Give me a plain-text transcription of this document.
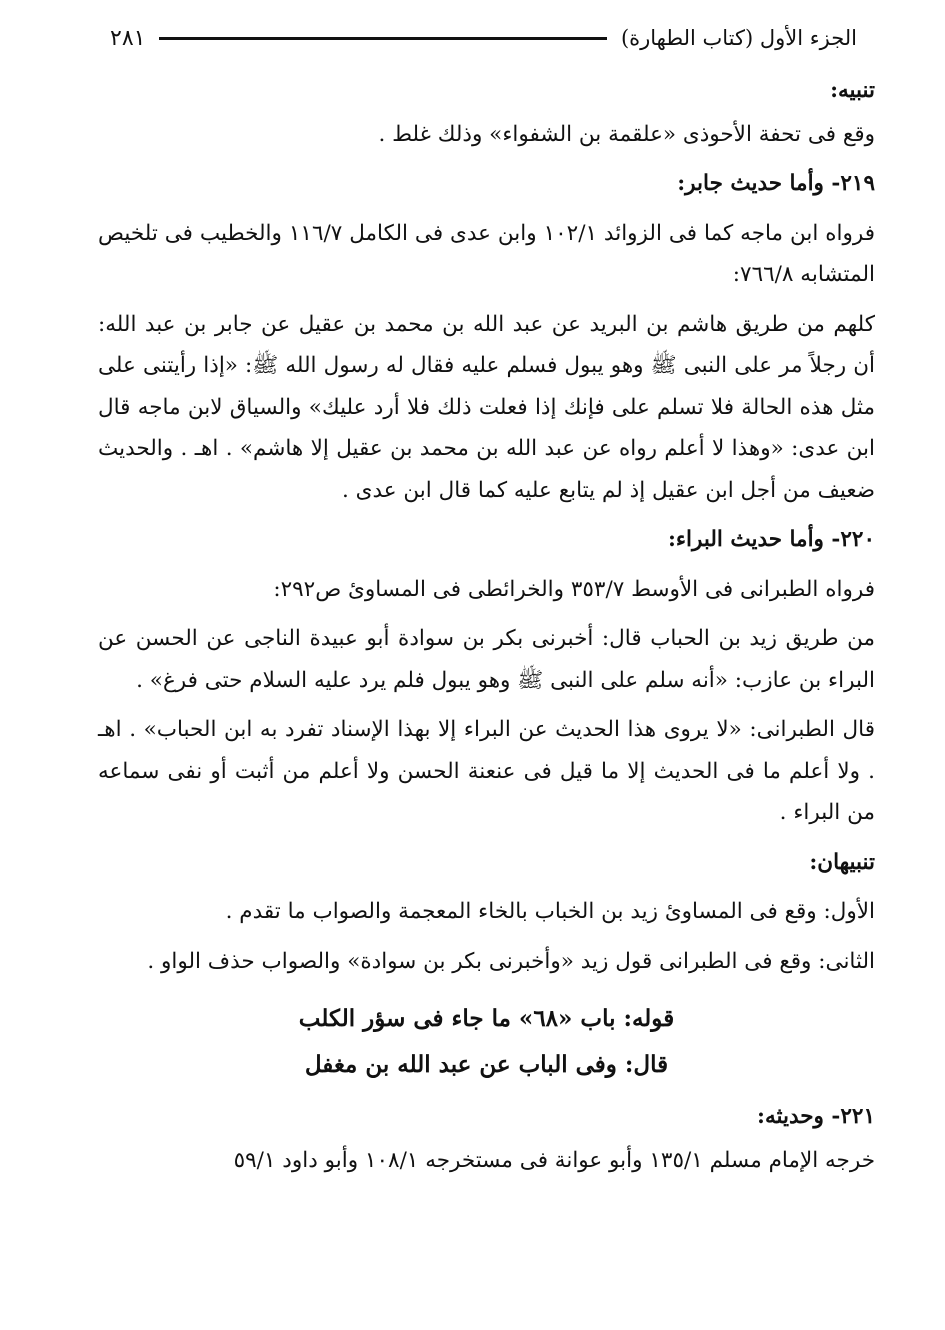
الجزء الأول (كتاب الطهارة)
٢٨١

تنبيه:

وقع فى تحفة الأحوذى «علقمة بن الشفواء» وذلك غلط .

٢١٩- وأما حديث جابر:

فرواه ابن ماجه كما فى الزوائد ١٠٢/١ وابن عدى فى الكامل ١١٦/٧ والخطيب فى تلخيص المتشابه ٧٦٦/٨:

كلهم من طريق هاشم بن البريد عن عبد الله بن محمد بن عقيل عن جابر بن عبد الله: أن رجلاً مر على النبى ﷺ وهو يبول فسلم عليه فقال له رسول الله ﷺ: «إذا رأيتنى على مثل هذه الحالة فلا تسلم على فإنك إذا فعلت ذلك فلا أرد عليك» والسياق لابن ماجه قال ابن عدى: «وهذا لا أعلم رواه عن عبد الله بن محمد بن عقيل إلا هاشم» . اهـ . والحديث ضعيف من أجل ابن عقيل إذ لم يتابع عليه كما قال ابن عدى .

٢٢٠- وأما حديث البراء:

فرواه الطبرانى فى الأوسط ٣٥٣/٧ والخرائطى فى المساوئ ص٢٩٢:

من طريق زيد بن الحباب قال: أخبرنى بكر بن سوادة أبو عبيدة الناجى عن الحسن عن البراء بن عازب: «أنه سلم على النبى ﷺ وهو يبول فلم يرد عليه السلام حتى فرغ» .

قال الطبرانى: «لا يروى هذا الحديث عن البراء إلا بهذا الإسناد تفرد به ابن الحباب» . اهـ . ولا أعلم ما فى الحديث إلا ما قيل فى عنعنة الحسن ولا أعلم من أثبت أو نفى سماعه من البراء .

تنبيهان:

الأول: وقع فى المساوئ زيد بن الخباب بالخاء المعجمة والصواب ما تقدم .

الثانى: وقع فى الطبرانى قول زيد «وأخبرنى بكر بن سوادة» والصواب حذف الواو .

قوله: باب «٦٨» ما جاء فى سؤر الكلب

قال: وفى الباب عن عبد الله بن مغفل

٢٢١- وحديثه:

خرجه الإمام مسلم ١٣٥/١ وأبو عوانة فى مستخرجه ١٠٨/١ وأبو داود ٥٩/١
